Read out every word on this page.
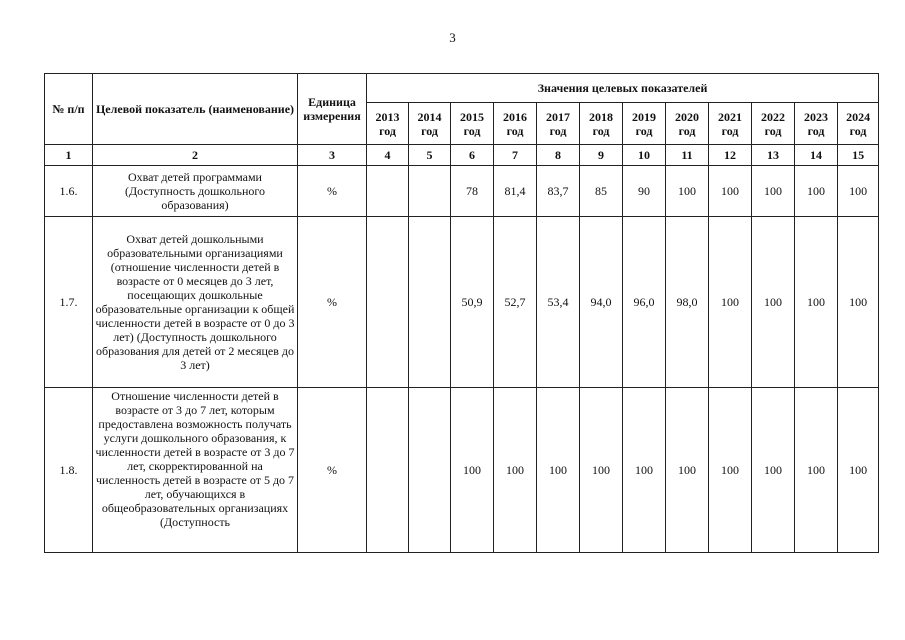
3
№ п/п	Целевой показатель (наименование)	Единица измерения	Значения целевых показателей											
			2013 год	2014 год	2015 год	2016 год	2017 год	2018 год	2019 год	2020 год	2021 год	2022 год	2023 год	2024 год
1	2	3	4	5	6	7	8	9	10	11	12	13	14	15
1.6.	Охват детей программами (Доступность дошкольного образования)	%			78	81,4	83,7	85	90	100	100	100	100	100
1.7.	Охват детей дошкольными образовательными организациями (отношение численности детей в возрасте от 0 месяцев до 3 лет, посещающих дошкольные образовательные организации к общей численности детей в возрасте от 0 до 3 лет) (Доступность дошкольного образования для детей от 2 месяцев до 3 лет)	%			50,9	52,7	53,4	94,0	96,0	98,0	100	100	100	100
1.8.	Отношение численности детей в возрасте от 3 до 7 лет, которым предоставлена возможность получать услуги дошкольного образования, к численности детей в возрасте от 3 до 7 лет, скорректированной на численность детей в возрасте от 5 до 7 лет, обучающихся в общеобразовательных организациях (Доступность	%			100	100	100	100	100	100	100	100	100	100
